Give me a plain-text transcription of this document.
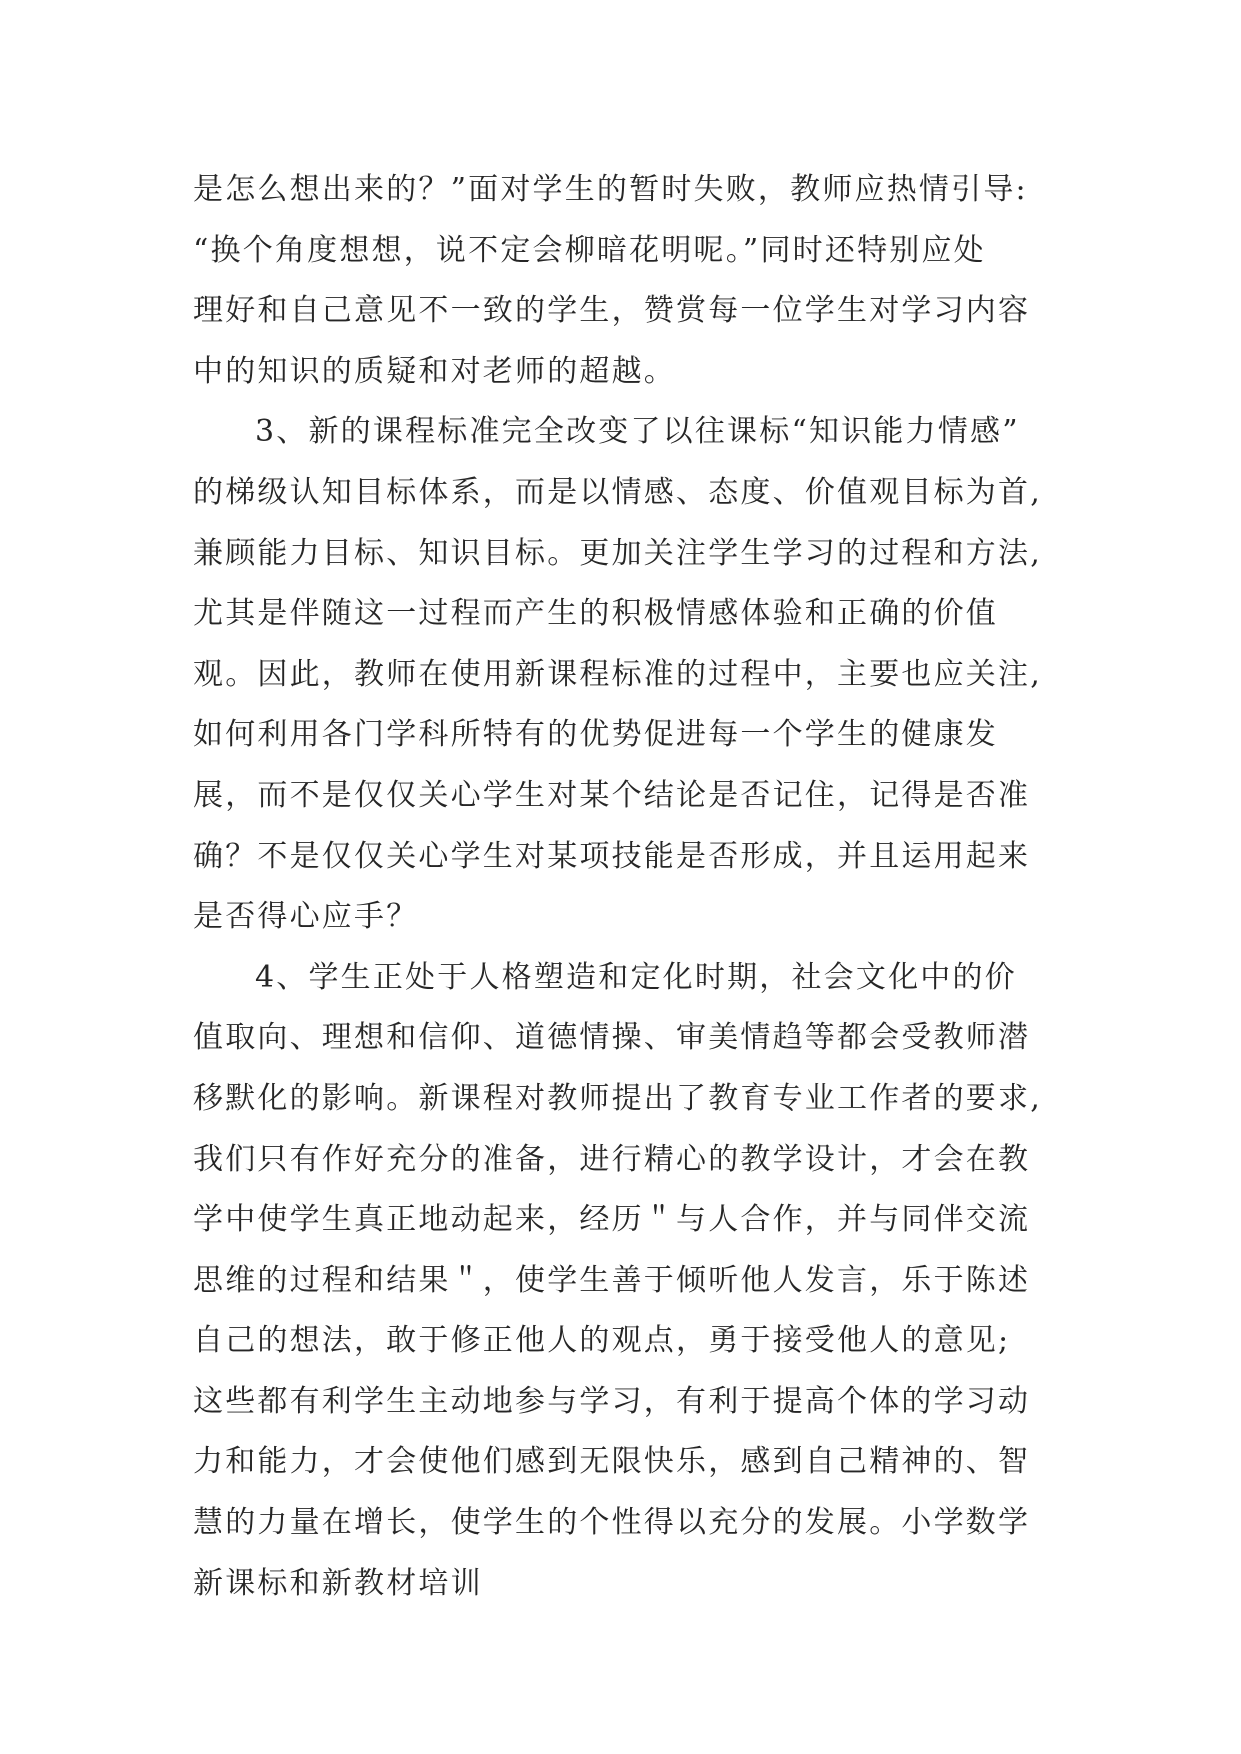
是怎么想出来的？”面对学生的暂时失败，教师应热情引导:
“换个角度想想，说不定会柳暗花明呢。”同时还特别应处
理好和自己意见不一致的学生，赞赏每一位学生对学习内容
中的知识的质疑和对老师的超越。
3、新的课程标准完全改变了以往课标“知识能力情感”
的梯级认知目标体系，而是以情感、态度、价值观目标为首,
兼顾能力目标、知识目标。更加关注学生学习的过程和方法,
尤其是伴随这一过程而产生的积极情感体验和正确的价值
观。因此，教师在使用新课程标准的过程中，主要也应关注,
如何利用各门学科所特有的优势促进每一个学生的健康发
展，而不是仅仅关心学生对某个结论是否记住，记得是否准
确？不是仅仅关心学生对某项技能是否形成，并且运用起来
是否得心应手？
4、学生正处于人格塑造和定化时期，社会文化中的价
值取向、理想和信仰、道德情操、审美情趋等都会受教师潜
移默化的影响。新课程对教师提出了教育专业工作者的要求,
我们只有作好充分的准备，进行精心的教学设计，才会在教
学中使学生真正地动起来，经历＂与人合作，并与同伴交流
思维的过程和结果＂，使学生善于倾听他人发言，乐于陈述
自己的想法，敢于修正他人的观点，勇于接受他人的意见;
这些都有利学生主动地参与学习，有利于提高个体的学习动
力和能力，才会使他们感到无限快乐，感到自己精神的、智
慧的力量在增长，使学生的个性得以充分的发展。小学数学
新课标和新教材培训
